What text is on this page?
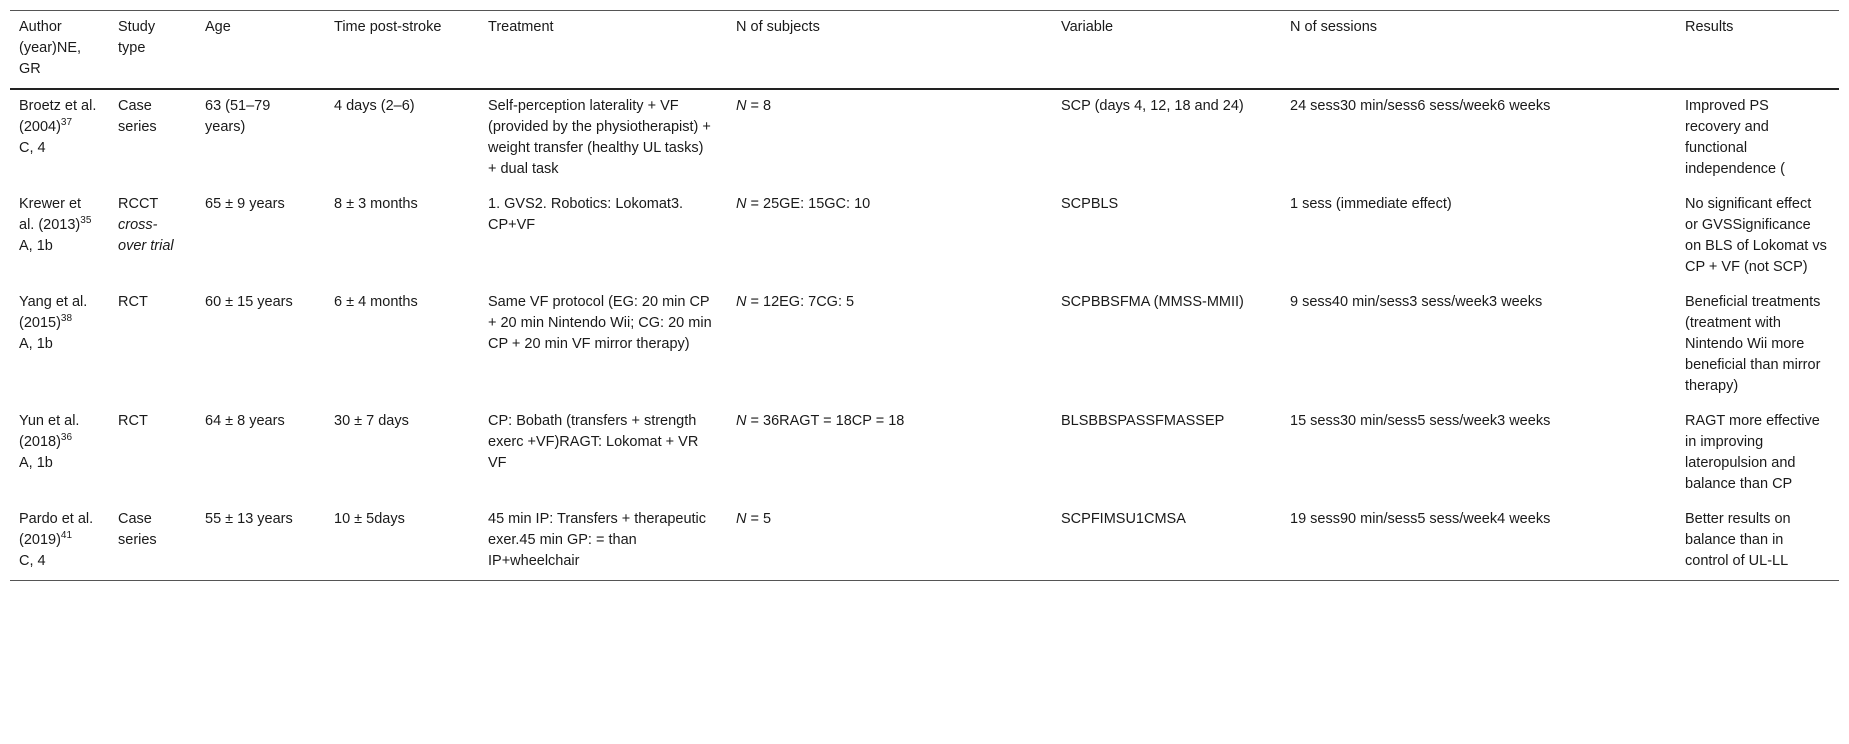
Author (year)NE, GR	Study type	Age	Time post-stroke	Treatment	N of subjects	Variable	N of sessions	Results
Broetz et al. $(2004)^{37}$
C, 4	Case series	63 (51–79 years)	4 days (2–6)	Self-perception laterality + VF (provided by the physiotherapist) + weight transfer (healthy UL tasks) + dual task	N = 8	SCP (days 4, 12, 18 and 24)	24 sess30 min/sess6 sess/week6 weeks	Improved PS recovery and functional independence (
Krewer et al. $(2013)^{35}$
A, 1b	RCCT cross-over trial	65 ± 9 years	8 ± 3 months	1. GVS2. Robotics: Lokomat3. CP+VF	N = 25GE: 15GC: 10	SCPBLS	1 sess (immediate effect)	No significant effect or GVSSignificance on BLS of Lokomat vs CP + VF (not SCP)
Yang et al. $(2015)^{38}$
A, 1b	RCT	60 ± 15 years	6 ± 4 months	Same VF protocol (EG: 20 min CP + 20 min Nintendo Wii; CG: 20 min CP + 20 min VF mirror therapy)	N = 12EG: 7CG: 5	SCPBBSFMA (MMSS-MMII)	9 sess40 min/sess3 sess/week3 weeks	Beneficial treatments (treatment with Nintendo Wii more beneficial than mirror therapy)
Yun et al. $(2018)^{36}$
A, 1b	RCT	64 ± 8 years	30 ± 7 days	CP: Bobath (transfers + strength exerc +VF)RAGT: Lokomat + VR VF	N = 36RAGT = 18CP = 18	BLSBBSPASSFMASSEP	15 sess30 min/sess5 sess/week3 weeks	RAGT more effective in improving lateropulsion and balance than CP
Pardo et al. $(2019)^{41}$
C, 4	Case series	55 ± 13 years	10 ± 5days	45 min IP: Transfers + therapeutic exer.45 min GP: = than IP+wheelchair	N = 5	SCPFIMSU1CMSA	19 sess90 min/sess5 sess/week4 weeks	Better results on balance than in control of UL-LL
